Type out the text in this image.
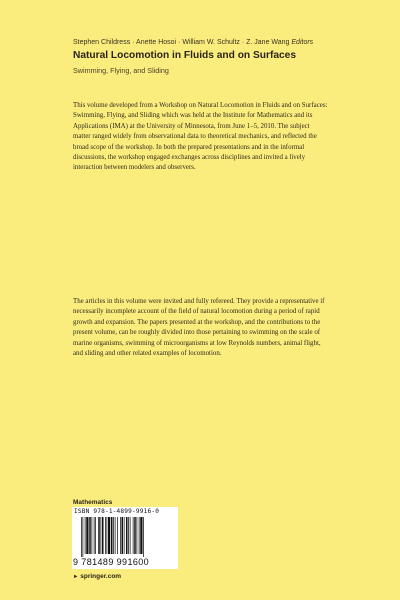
Stephen Childress · Anette Hosoi · William W. Schultz · Z. Jane Wang Editors
Natural Locomotion in Fluids and on Surfaces
Swimming, Flying, and Sliding

This volume developed from a Workshop on Natural Locomotion in Fluids and on Surfaces: Swimming, Flying, and Sliding which was held at the Institute for Mathematics and its Applications (IMA) at the University of Minnesota, from June 1–5, 2010. The subject matter ranged widely from observational data to theoretical mechanics, and reflected the broad scope of the workshop. In both the prepared presentations and in the informal discussions, the workshop engaged exchanges across disciplines and invited a lively interaction between modelers and observers.

The articles in this volume were invited and fully refereed. They provide a representative if necessarily incomplete account of the field of natural locomotion during a period of rapid growth and expansion. The papers presented at the workshop, and the contributions to the present volume, can be roughly divided into those pertaining to swimming on the scale of marine organisms, swimming of microorganisms at low Reynolds numbers, animal flight, and sliding and other related examples of locomotion.

Mathematics
ISBN 978-1-4899-9916-0
9 781489 991600
► springer.com
